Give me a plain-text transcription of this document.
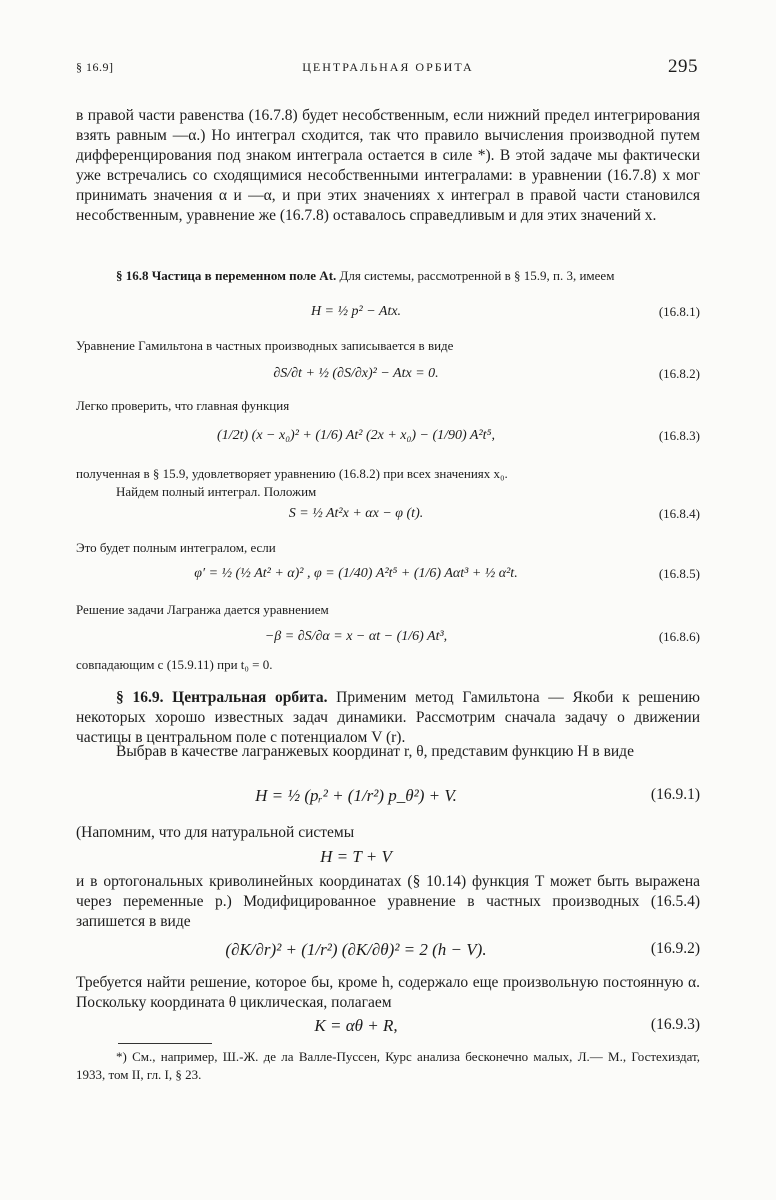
§ 16.9]	ЦЕНТРАЛЬНАЯ ОРБИТА	295
в правой части равенства (16.7.8) будет несобственным, если нижний предел интегрирования взять равным —α.) Но интеграл сходится, так что правило вычисления производной путем дифференцирования под знаком интеграла остается в силе *). В этой задаче мы фактически уже встречались со сходящимися несобственными интегралами: в уравнении (16.7.8) x мог принимать значения α и —α, и при этих значениях x интеграл в правой части становился несобственным, уравнение же (16.7.8) оставалось справедливым и для этих значений x.
§ 16.8 Частица в переменном поле At. Для системы, рассмотренной в § 15.9, п. 3, имеем
H = ½ p² − Atx.	(16.8.1)
Уравнение Гамильтона в частных производных записывается в виде
∂S/∂t + ½ (∂S/∂x)² − Atx = 0.	(16.8.2)
Легко проверить, что главная функция
(1/2t) (x − x₀)² + (1/6) At² (2x + x₀) − (1/90) A²t⁵,	(16.8.3)
полученная в § 15.9, удовлетворяет уравнению (16.8.2) при всех значениях x₀.
Найдем полный интеграл. Положим
S = ½ At²x + αx − φ (t).	(16.8.4)
Это будет полным интегралом, если
φ′ = ½ (½ At² + α)² , φ = (1/40) A²t⁵ + (1/6) Aαt³ + ½ α²t.	(16.8.5)
Решение задачи Лагранжа дается уравнением
−β = ∂S/∂α = x − αt − (1/6) At³,	(16.8.6)
совпадающим с (15.9.11) при t₀ = 0.
§ 16.9. Центральная орбита. Применим метод Гамильтона — Якоби к решению некоторых хорошо известных задач динамики. Рассмотрим сначала задачу о движении частицы в центральном поле с потенциалом V (r).
Выбрав в качестве лагранжевых координат r, θ, представим функцию H в виде
H = ½ (pᵣ² + (1/r²) p_θ²) + V.	(16.9.1)
(Напомним, что для натуральной системы
H = T + V
и в ортогональных криволинейных координатах (§ 10.14) функция T может быть выражена через переменные p.) Модифицированное уравнение в частных производных (16.5.4) запишется в виде
(∂K/∂r)² + (1/r²) (∂K/∂θ)² = 2 (h − V).	(16.9.2)
Требуется найти решение, которое бы, кроме h, содержало еще произвольную постоянную α. Поскольку координата θ циклическая, полагаем
K = αθ + R,	(16.9.3)
*) См., например, Ш.-Ж. де ла Валле-Пуссен, Курс анализа бесконечно малых, Л.— М., Гостехиздат, 1933, том II, гл. I, § 23.
